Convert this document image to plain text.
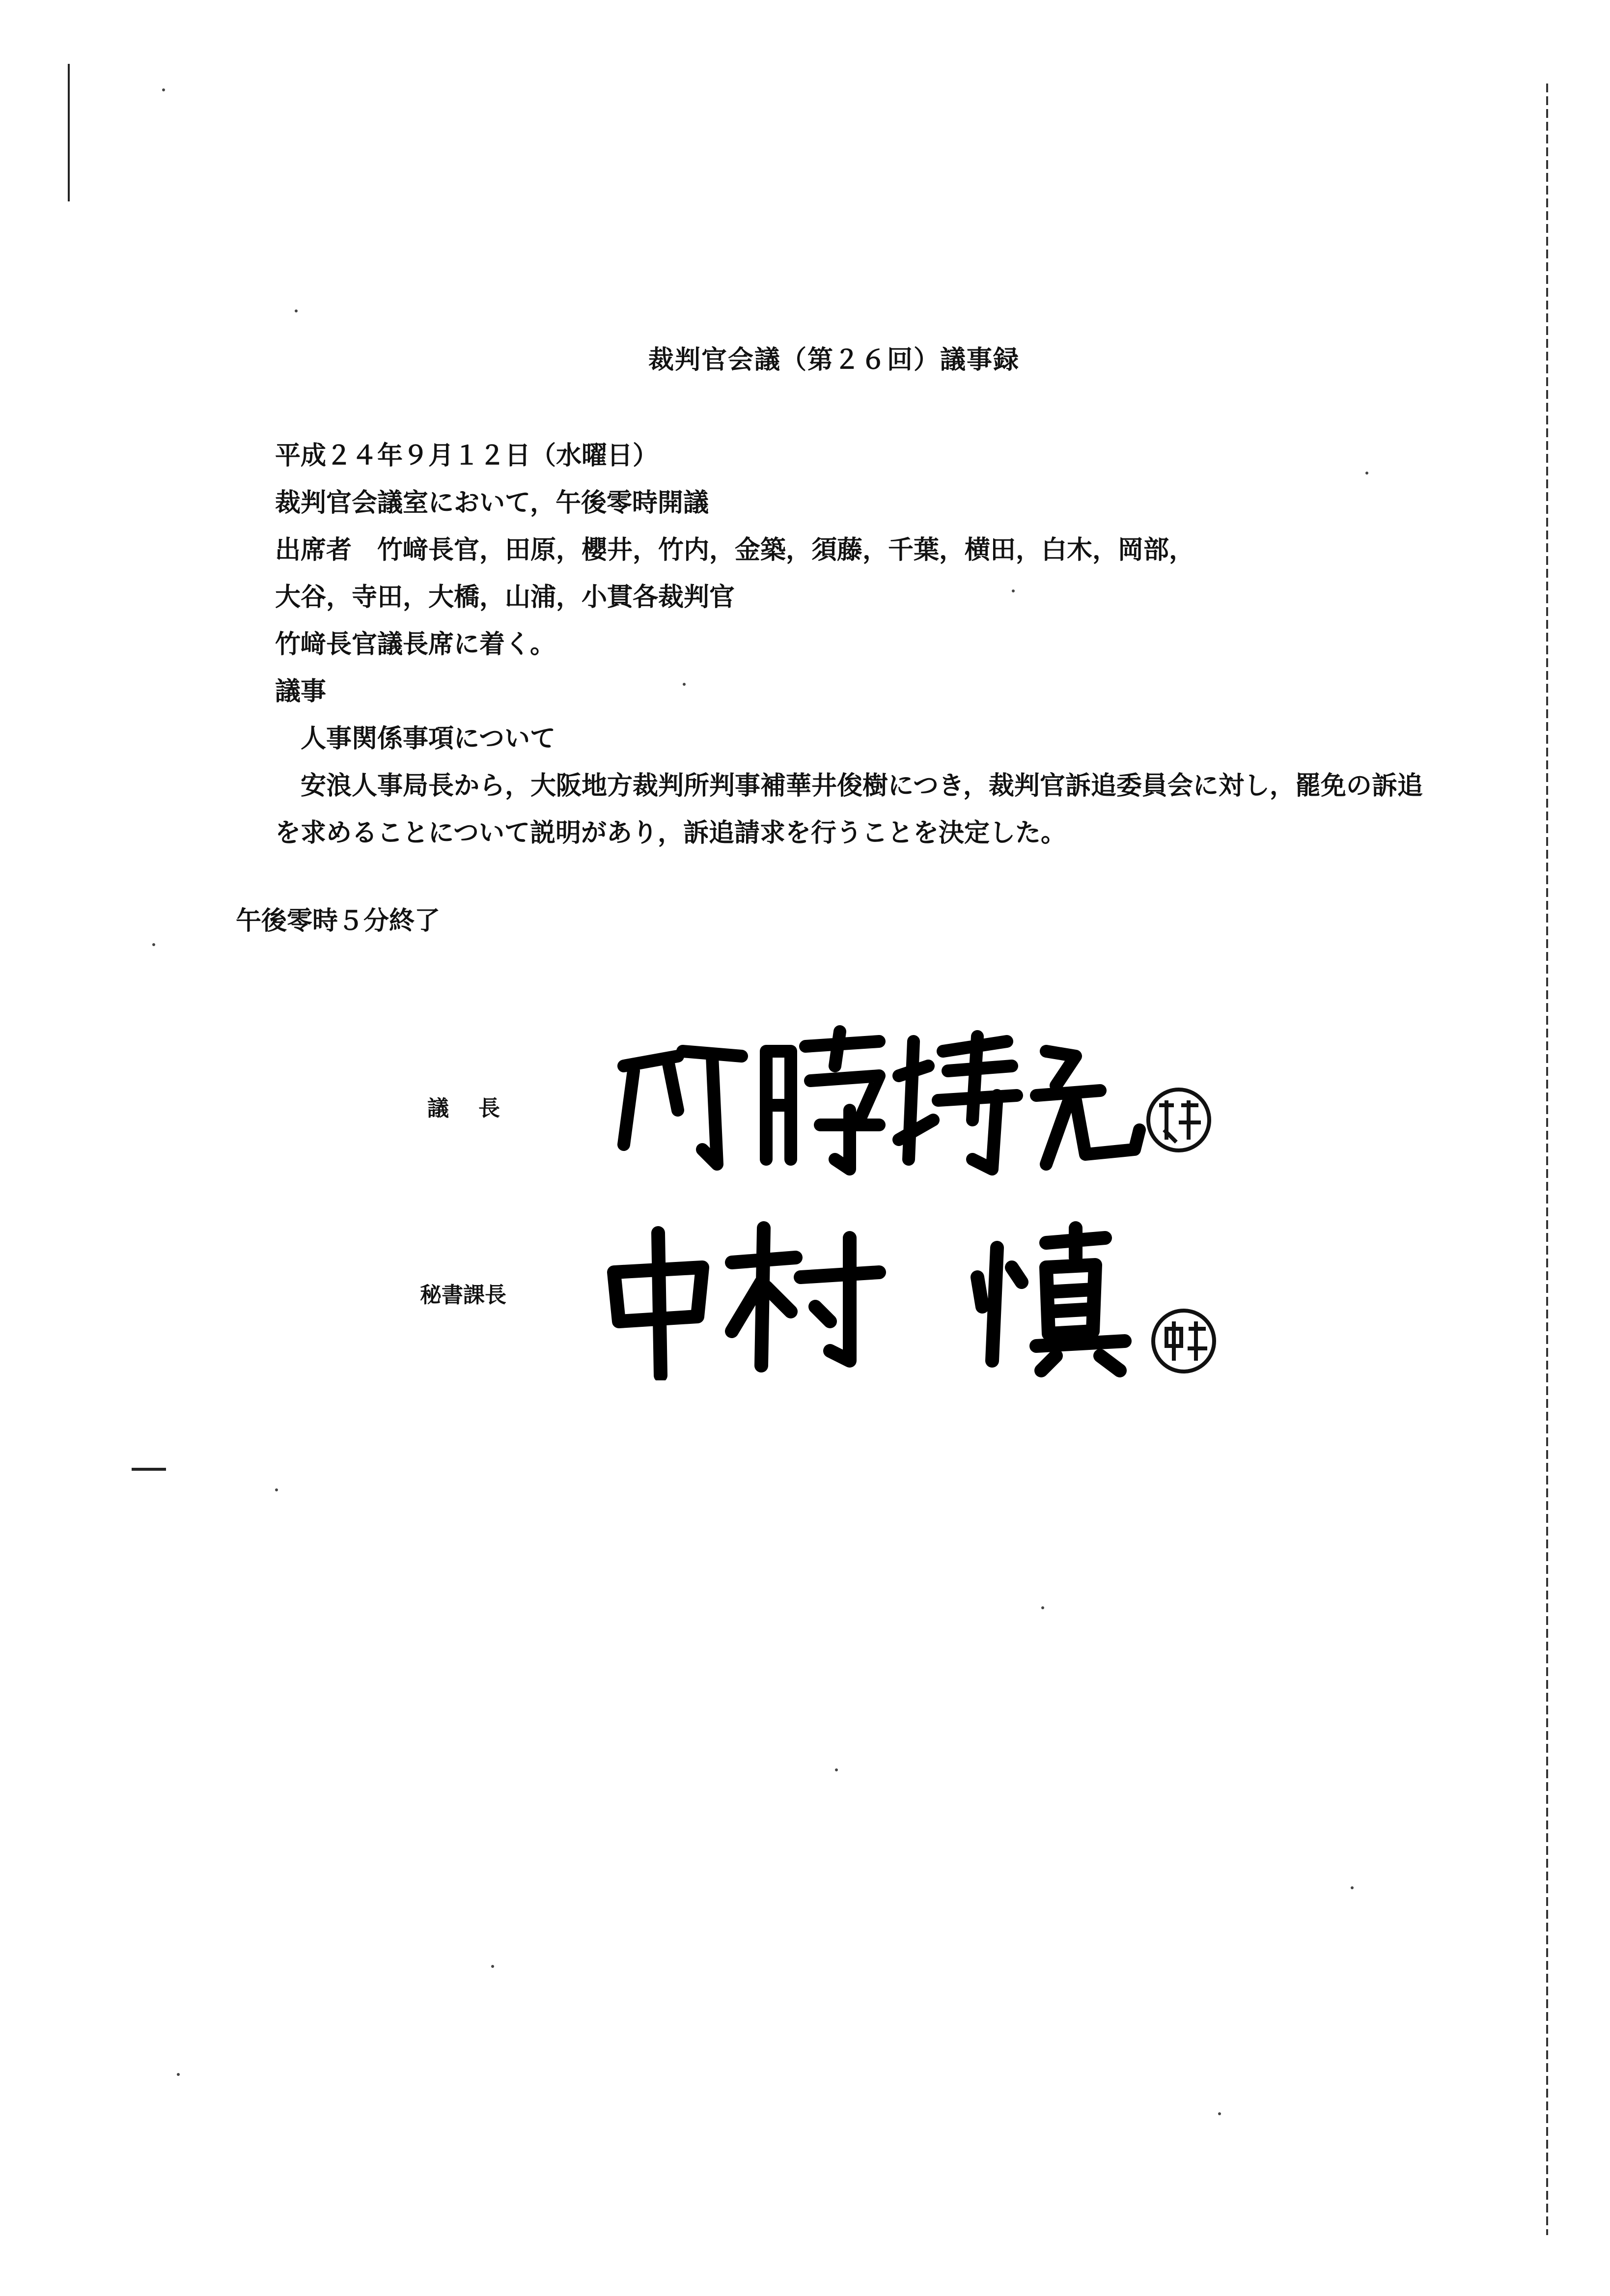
裁判官会議（第２６回）議事録
平成２４年９月１２日（水曜日）
裁判官会議室において，午後零時開議
出席者　竹﨑長官，田原，櫻井，竹内，金築，須藤，千葉，横田，白木，岡部，
大谷，寺田，大橋，山浦，小貫各裁判官
竹﨑長官議長席に着く。
議事
人事関係事項について
安浪人事局長から，大阪地方裁判所判事補華井俊樹につき，裁判官訴追委員会に対し，罷免の訴追を求めることについて説明があり，訴追請求を行うことを決定した。
午後零時５分終了
議長
秘書課長
